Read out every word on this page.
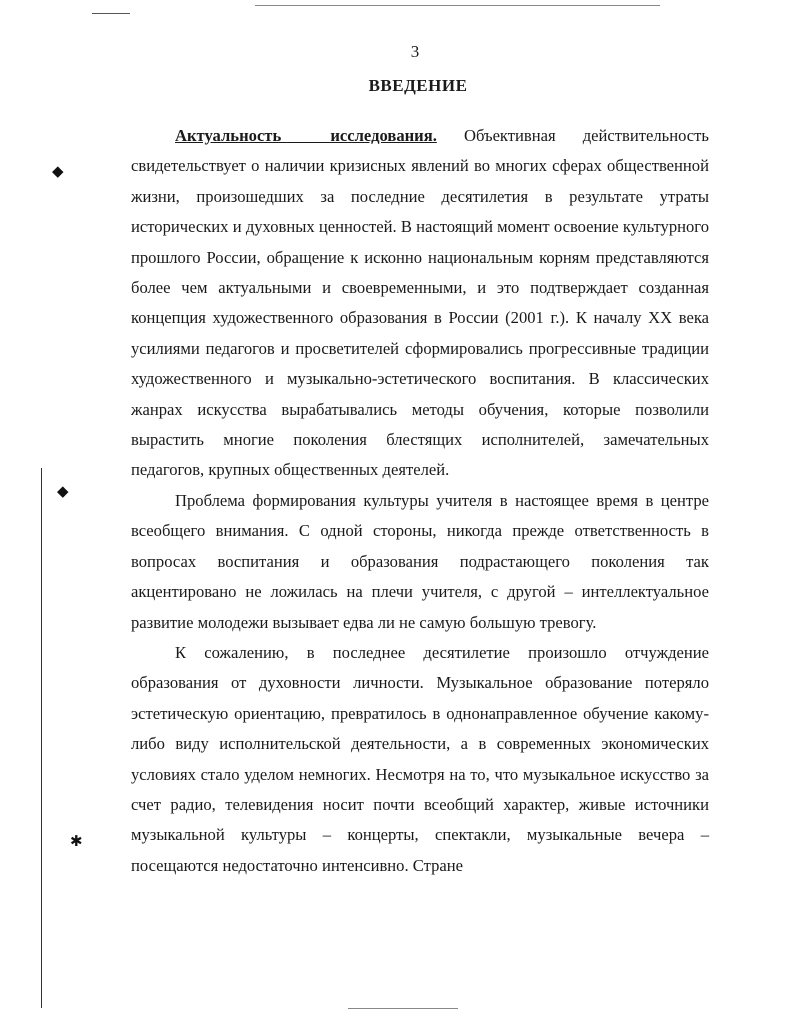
◆
◆
✱
3
ВВЕДЕНИЕ

Актуальность исследования. Объективная действительность свидетельствует о наличии кризисных явлений во многих сферах общественной жизни, произошедших за последние десятилетия в результате утраты исторических и духовных ценностей. В настоящий момент освоение культурного прошлого России, обращение к исконно национальным корням представляются более чем актуальными и своевременными, и это подтверждает созданная концепция художественного образования в России (2001 г.). К началу XX века усилиями педагогов и просветителей сформировались прогрессивные традиции художественного и музыкально-эстетического воспитания. В классических жанрах искусства вырабатывались методы обучения, которые позволили вырастить многие поколения блестящих исполнителей, замечательных педагогов, крупных общественных деятелей.

Проблема формирования культуры учителя в настоящее время в центре всеобщего внимания. С одной стороны, никогда прежде ответственность в вопросах воспитания и образования подрастающего поколения так акцентировано не ложилась на плечи учителя, с другой – интеллектуальное развитие молодежи вызывает едва ли не самую большую тревогу.

К сожалению, в последнее десятилетие произошло отчуждение образования от духовности личности. Музыкальное образование потеряло эстетическую ориентацию, превратилось в однонаправленное обучение какому-либо виду исполнительской деятельности, а в современных экономических условиях стало уделом немногих. Несмотря на то, что музыкальное искусство за счет радио, телевидения носит почти всеобщий характер, живые источники музыкальной культуры – концерты, спектакли, музыкальные вечера – посещаются недостаточно интенсивно. Стране
